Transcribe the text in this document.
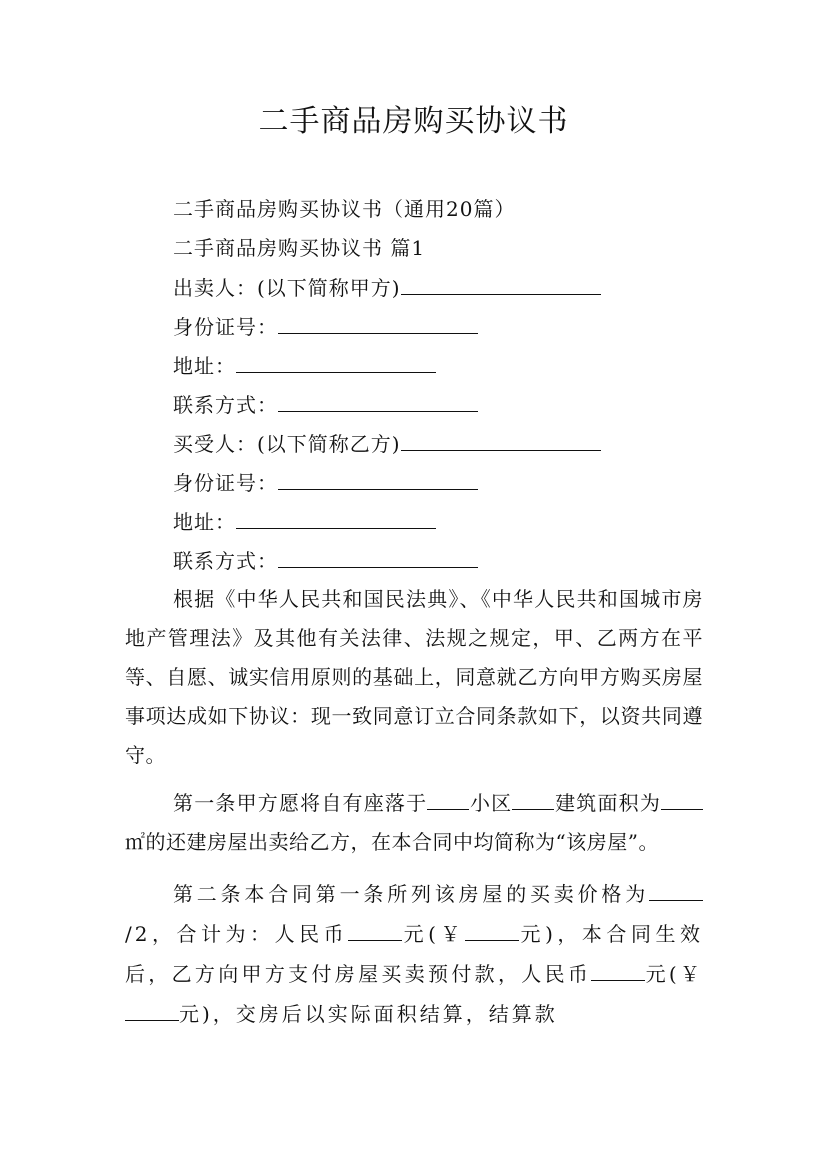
二手商品房购买协议书
二手商品房购买协议书（通用20篇）
二手商品房购买协议书 篇1
出卖人：(以下简称甲方)
身份证号：
地址：
联系方式：
买受人：(以下简称乙方)
身份证号：
地址：
联系方式：
根据《中华人民共和国民法典》、《中华人民共和国城市房地产管理法》及其他有关法律、法规之规定，甲、乙两方在平等、自愿、诚实信用原则的基础上，同意就乙方向甲方购买房屋事项达成如下协议：现一致同意订立合同条款如下，以资共同遵守。
第一条甲方愿将自有座落于 小区 建筑面积为㎡的还建房屋出卖给乙方，在本合同中均简称为“该房屋”。
第二条本合同第一条所列该房屋的买卖价格为/2，合计为：人民币	元(￥	元)，本合同生效后，乙方向甲方支付房屋买卖预付款，人民币	元(￥元)，交房后以实际面积结算，结算款
